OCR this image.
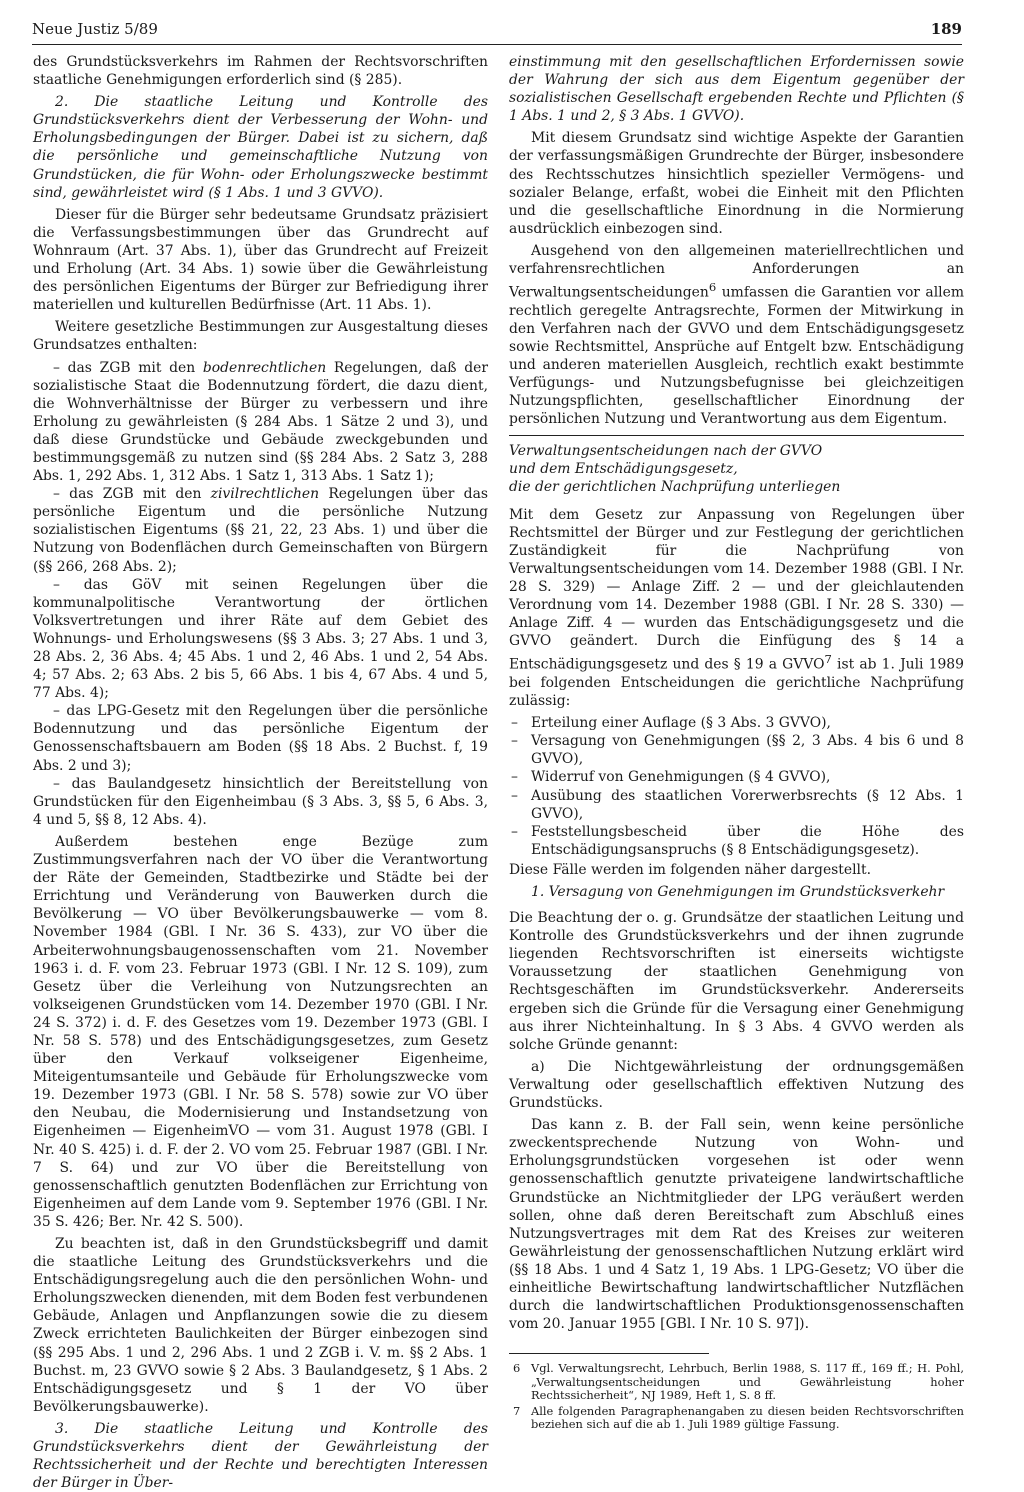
Neue Justiz 5/89	189

des Grundstücksverkehrs im Rahmen der Rechtsvorschriften staatliche Genehmigungen erforderlich sind (§ 285).

2. Die staatliche Leitung und Kontrolle des Grundstücksverkehrs dient der Verbesserung der Wohn- und Erholungsbedingungen der Bürger. Dabei ist zu sichern, daß die persönliche und gemeinschaftliche Nutzung von Grundstücken, die für Wohn- oder Erholungszwecke bestimmt sind, gewährleistet wird (§ 1 Abs. 1 und 3 GVVO).

Dieser für die Bürger sehr bedeutsame Grundsatz präzisiert die Verfassungsbestimmungen über das Grundrecht auf Wohnraum (Art. 37 Abs. 1), über das Grundrecht auf Freizeit und Erholung (Art. 34 Abs. 1) sowie über die Gewährleistung des persönlichen Eigentums der Bürger zur Befriedigung ihrer materiellen und kulturellen Bedürfnisse (Art. 11 Abs. 1).

Weitere gesetzliche Bestimmungen zur Ausgestaltung dieses Grundsatzes enthalten:

– das ZGB mit den bodenrechtlichen Regelungen, daß der sozialistische Staat die Bodennutzung fördert, die dazu dient, die Wohnverhältnisse der Bürger zu verbessern und ihre Erholung zu gewährleisten (§ 284 Abs. 1 Sätze 2 und 3), und daß diese Grundstücke und Gebäude zweckgebunden und bestimmungsgemäß zu nutzen sind (§§ 284 Abs. 2 Satz 3, 288 Abs. 1, 292 Abs. 1, 312 Abs. 1 Satz 1, 313 Abs. 1 Satz 1);

– das ZGB mit den zivilrechtlichen Regelungen über das persönliche Eigentum und die persönliche Nutzung sozialistischen Eigentums (§§ 21, 22, 23 Abs. 1) und über die Nutzung von Bodenflächen durch Gemeinschaften von Bürgern (§§ 266, 268 Abs. 2);

– das GöV mit seinen Regelungen über die kommunalpolitische Verantwortung der örtlichen Volksvertretungen und ihrer Räte auf dem Gebiet des Wohnungs- und Erholungswesens (§§ 3 Abs. 3; 27 Abs. 1 und 3, 28 Abs. 2, 36 Abs. 4; 45 Abs. 1 und 2, 46 Abs. 1 und 2, 54 Abs. 4; 57 Abs. 2; 63 Abs. 2 bis 5, 66 Abs. 1 bis 4, 67 Abs. 4 und 5, 77 Abs. 4);

– das LPG-Gesetz mit den Regelungen über die persönliche Bodennutzung und das persönliche Eigentum der Genossenschaftsbauern am Boden (§§ 18 Abs. 2 Buchst. f, 19 Abs. 2 und 3);

– das Baulandgesetz hinsichtlich der Bereitstellung von Grundstücken für den Eigenheimbau (§ 3 Abs. 3, §§ 5, 6 Abs. 3, 4 und 5, §§ 8, 12 Abs. 4).

Außerdem bestehen enge Bezüge zum Zustimmungsverfahren nach der VO über die Verantwortung der Räte der Gemeinden, Stadtbezirke und Städte bei der Errichtung und Veränderung von Bauwerken durch die Bevölkerung — VO über Bevölkerungsbauwerke — vom 8. November 1984 (GBl. I Nr. 36 S. 433), zur VO über die Arbeiterwohnungsbaugenossenschaften vom 21. November 1963 i. d. F. vom 23. Februar 1973 (GBl. I Nr. 12 S. 109), zum Gesetz über die Verleihung von Nutzungsrechten an volkseigenen Grundstücken vom 14. Dezember 1970 (GBl. I Nr. 24 S. 372) i. d. F. des Gesetzes vom 19. Dezember 1973 (GBl. I Nr. 58 S. 578) und des Entschädigungsgesetzes, zum Gesetz über den Verkauf volkseigener Eigenheime, Miteigentumsanteile und Gebäude für Erholungszwecke vom 19. Dezember 1973 (GBl. I Nr. 58 S. 578) sowie zur VO über den Neubau, die Modernisierung und Instandsetzung von Eigenheimen — EigenheimVO — vom 31. August 1978 (GBl. I Nr. 40 S. 425) i. d. F. der 2. VO vom 25. Februar 1987 (GBl. I Nr. 7 S. 64) und zur VO über die Bereitstellung von genossenschaftlich genutzten Bodenflächen zur Errichtung von Eigenheimen auf dem Lande vom 9. September 1976 (GBl. I Nr. 35 S. 426; Ber. Nr. 42 S. 500).

Zu beachten ist, daß in den Grundstücksbegriff und damit die staatliche Leitung des Grundstücksverkehrs und die Entschädigungsregelung auch die den persönlichen Wohn- und Erholungszwecken dienenden, mit dem Boden fest verbundenen Gebäude, Anlagen und Anpflanzungen sowie die zu diesem Zweck errichteten Baulichkeiten der Bürger einbezogen sind (§§ 295 Abs. 1 und 2, 296 Abs. 1 und 2 ZGB i. V. m. §§ 2 Abs. 1 Buchst. m, 23 GVVO sowie § 2 Abs. 3 Baulandgesetz, § 1 Abs. 2 Entschädigungsgesetz und § 1 der VO über Bevölkerungsbauwerke).

3. Die staatliche Leitung und Kontrolle des Grundstücksverkehrs dient der Gewährleistung der Rechtssicherheit und der Rechte und berechtigten Interessen der Bürger in Über-

einstimmung mit den gesellschaftlichen Erfordernissen sowie der Wahrung der sich aus dem Eigentum gegenüber der sozialistischen Gesellschaft ergebenden Rechte und Pflichten (§ 1 Abs. 1 und 2, § 3 Abs. 1 GVVO).

Mit diesem Grundsatz sind wichtige Aspekte der Garantien der verfassungsmäßigen Grundrechte der Bürger, insbesondere des Rechtsschutzes hinsichtlich spezieller Vermögens- und sozialer Belange, erfaßt, wobei die Einheit mit den Pflichten und die gesellschaftliche Einordnung in die Normierung ausdrücklich einbezogen sind.

Ausgehend von den allgemeinen materiellrechtlichen und verfahrensrechtlichen Anforderungen an Verwaltungsentscheidungen$^6$ umfassen die Garantien vor allem rechtlich geregelte Antragsrechte, Formen der Mitwirkung in den Verfahren nach der GVVO und dem Entschädigungsgesetz sowie Rechtsmittel, Ansprüche auf Entgelt bzw. Entschädigung und anderen materiellen Ausgleich, rechtlich exakt bestimmte Verfügungs- und Nutzungsbefugnisse bei gleichzeitigen Nutzungspflichten, gesellschaftlicher Einordnung der persönlichen Nutzung und Verantwortung aus dem Eigentum.

Verwaltungsentscheidungen nach der GVVO
und dem Entschädigungsgesetz,
die der gerichtlichen Nachprüfung unterliegen

Mit dem Gesetz zur Anpassung von Regelungen über Rechtsmittel der Bürger und zur Festlegung der gerichtlichen Zuständigkeit für die Nachprüfung von Verwaltungsentscheidungen vom 14. Dezember 1988 (GBl. I Nr. 28 S. 329) — Anlage Ziff. 2 — und der gleichlautenden Verordnung vom 14. Dezember 1988 (GBl. I Nr. 28 S. 330) — Anlage Ziff. 4 — wurden das Entschädigungsgesetz und die GVVO geändert. Durch die Einfügung des § 14 a Entschädigungsgesetz und des § 19 a GVVO$^7$ ist ab 1. Juli 1989 bei folgenden Entscheidungen die gerichtliche Nachprüfung zulässig:

– Erteilung einer Auflage (§ 3 Abs. 3 GVVO),
– Versagung von Genehmigungen (§§ 2, 3 Abs. 4 bis 6 und 8 GVVO),
– Widerruf von Genehmigungen (§ 4 GVVO),
– Ausübung des staatlichen Vorerwerbsrechts (§ 12 Abs. 1 GVVO),
– Feststellungsbescheid über die Höhe des Entschädigungsanspruchs (§ 8 Entschädigungsgesetz).

Diese Fälle werden im folgenden näher dargestellt.

1. Versagung von Genehmigungen im Grundstücksverkehr

Die Beachtung der o. g. Grundsätze der staatlichen Leitung und Kontrolle des Grundstücksverkehrs und der ihnen zugrunde liegenden Rechtsvorschriften ist einerseits wichtigste Voraussetzung der staatlichen Genehmigung von Rechtsgeschäften im Grundstücksverkehr. Andererseits ergeben sich die Gründe für die Versagung einer Genehmigung aus ihrer Nichteinhaltung. In § 3 Abs. 4 GVVO werden als solche Gründe genannt:

a) Die Nichtgewährleistung der ordnungsgemäßen Verwaltung oder gesellschaftlich effektiven Nutzung des Grundstücks.

Das kann z. B. der Fall sein, wenn keine persönliche zweckentsprechende Nutzung von Wohn- und Erholungsgrundstücken vorgesehen ist oder wenn genossenschaftlich genutzte privateigene landwirtschaftliche Grundstücke an Nichtmitglieder der LPG veräußert werden sollen, ohne daß deren Bereitschaft zum Abschluß eines Nutzungsvertrages mit dem Rat des Kreises zur weiteren Gewährleistung der genossenschaftlichen Nutzung erklärt wird (§§ 18 Abs. 1 und 4 Satz 1, 19 Abs. 1 LPG-Gesetz; VO über die einheitliche Bewirtschaftung landwirtschaftlicher Nutzflächen durch die landwirtschaftlichen Produktionsgenossenschaften vom 20. Januar 1955 [GBl. I Nr. 10 S. 97]).

6 Vgl. Verwaltungsrecht, Lehrbuch, Berlin 1988, S. 117 ff., 169 ff.; H. Pohl, „Verwaltungsentscheidungen und Gewährleistung hoher Rechtssicherheit“, NJ 1989, Heft 1, S. 8 ff.
7 Alle folgenden Paragraphenangaben zu diesen beiden Rechtsvorschriften beziehen sich auf die ab 1. Juli 1989 gültige Fassung.
